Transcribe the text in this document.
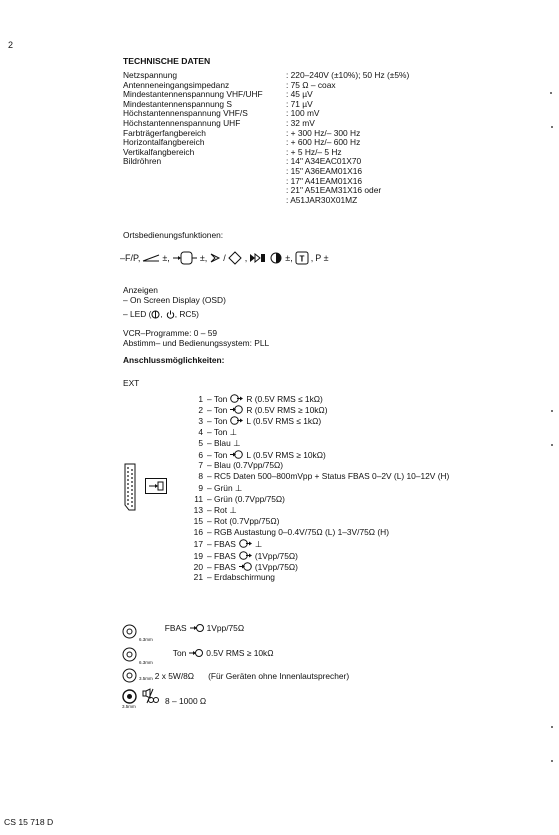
2
TECHNISCHE DATEN
Netzspannung	: 220–240V (±10%); 50 Hz (±5%)
Antenneneingangsimpedanz	: 75 Ω – coax
Mindestantennenspannung VHF/UHF	: 45 µV
Mindestantennenspannung S	: 71 µV
Höchstantennenspannung VHF/S	: 100 mV
Höchstantennenspannung UHF	: 32 mV
Farbträgerfangbereich	: + 300 Hz/– 300 Hz
Horizontalfangbereich	: + 600 Hz/– 600 Hz
Vertikalfangbereich	: + 5 Hz/– 5 Hz
Bildröhren	: 14" A34EAC01X70
: 15" A36EAM01X16
: 17" A41EAM01X16
: 21" A51EAM31X16 oder
: A51JAR30X01MZ
Ortsbedienungsfunktionen:
–F/P, ±,	±, / ,	±, T , P ±
Anzeigen
– On Screen Display (OSD)
– LED ( , , RC5)
VCR–Programme: 0 – 59
Abstimm– und Bedienungssystem: PLL
Anschlussmöglichkeiten:
EXT
1 – Ton R (0.5V RMS ≤ 1kΩ)
2 – Ton R (0.5V RMS ≥ 10kΩ)
3 – Ton L (0.5V RMS ≤ 1kΩ)
4 – Ton ⊥
5 – Blau ⊥
6 – Ton L (0.5V RMS ≥ 10kΩ)
7 – Blau (0.7Vpp/75Ω)
8 – RC5 Daten 500–800mVpp + Status FBAS 0–2V (L) 10–12V (H)
9 – Grün ⊥
11 – Grün (0.7Vpp/75Ω)
13 – Rot ⊥
15 – Rot (0.7Vpp/75Ω)
16 – RGB Austastung 0–0.4V/75Ω (L) 1–3V/75Ω (H)
17 – FBAS ⊥
19 – FBAS (1Vpp/75Ω)
20 – FBAS (1Vpp/75Ω)
21 – Erdabschirmung
6.3mm
FBAS 1Vpp/75Ω
6.3mm
Ton 0.5V RMS ≥ 10kΩ
3.5mm 2 x 5W/8Ω (Für Geräten ohne Innenlautsprecher)
8 – 1000 Ω
3.5mm
CS 15 718 D
